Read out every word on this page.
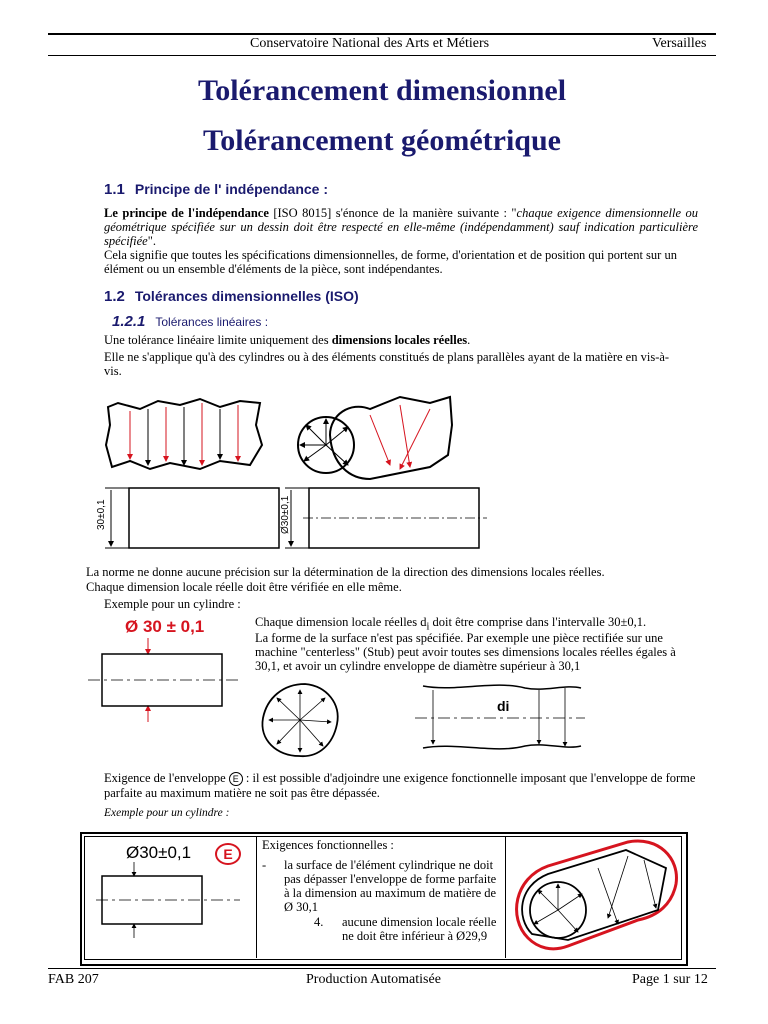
Conservatoire National des Arts et Métiers	Versailles
Tolérancement dimensionnel
Tolérancement géométrique
1.1 Principe de l' indépendance :
Le principe de l'indépendance [ISO 8015] s'énonce de la manière suivante : "chaque exigence dimensionnelle ou géométrique spécifiée sur un dessin doit être respecté en elle-même (indépendamment) sauf indication particulière spécifiée".
Cela signifie que toutes les spécifications dimensionnelles, de forme, d'orientation et de position qui portent sur un élément ou un ensemble d'éléments de la pièce, sont indépendantes.
1.2 Tolérances dimensionnelles (ISO)
1.2.1 Tolérances linéaires :
Une tolérance linéaire limite uniquement des dimensions locales réelles.
Elle ne s'applique qu'à des cylindres ou à des éléments constitués de plans parallèles ayant de la matière en vis-à-vis.
30±0,1	Ø30±0,1
La norme ne donne aucune précision sur la détermination de la direction des dimensions locales réelles.
Chaque dimension locale réelle doit être vérifiée en elle même.
Exemple pour un cylindre :
Ø 30 ± 0,1	Chaque dimension locale réelles $d_i$ doit être comprise dans l'intervalle 30±0,1.
La forme de la surface n'est pas spécifiée. Par exemple une pièce rectifiée sur une machine "centerless" (Stub) peut avoir toutes ses dimensions locales réelles égales à 30,1, et avoir un cylindre enveloppe de diamètre supérieur à 30,1
di
Exigence de l'enveloppe E : il est possible d'adjoindre une exigence fonctionnelle imposant que l'enveloppe de forme parfaite au maximum matière ne soit pas être dépassée.
Exemple pour un cylindre :
Ø30±0,1	E
Exigences fonctionnelles :
- la surface de l'élément cylindrique ne doit pas dépasser l'enveloppe de forme parfaite à la dimension au maximum de matière de Ø 30,1
4. aucune dimension locale réelle ne doit être inférieur à Ø29,9
FAB 207	Production Automatisée	Page 1 sur 12
